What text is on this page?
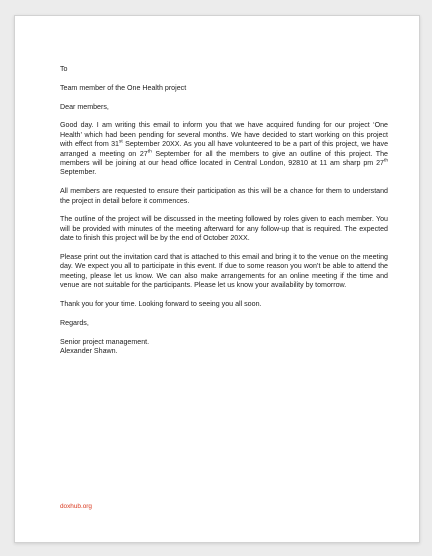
To

Team member of the One Health project

Dear members,

Good day. I am writing this email to inform you that we have acquired funding for our project ‘One Health’ which had been pending for several months. We have decided to start working on this project with effect from 31st September 20XX. As you all have volunteered to be a part of this project, we have arranged a meeting on 27th September for all the members to give an outline of this project. The members will be joining at our head office located in Central London, 92810 at 11 am sharp pm 27th September.

All members are requested to ensure their participation as this will be a chance for them to understand the project in detail before it commences.

The outline of the project will be discussed in the meeting followed by roles given to each member. You will be provided with minutes of the meeting afterward for any follow-up that is required. The expected date to finish this project will be by the end of October 20XX.

Please print out the invitation card that is attached to this email and bring it to the venue on the meeting day. We expect you all to participate in this event. If due to some reason you won’t be able to attend the meeting, please let us know. We can also make arrangements for an online meeting if the time and venue are not suitable for the participants. Please let us know your availability by tomorrow.

Thank you for your time. Looking forward to seeing you all soon.

Regards,

Senior project management.
Alexander Shawn.
doxhub.org
